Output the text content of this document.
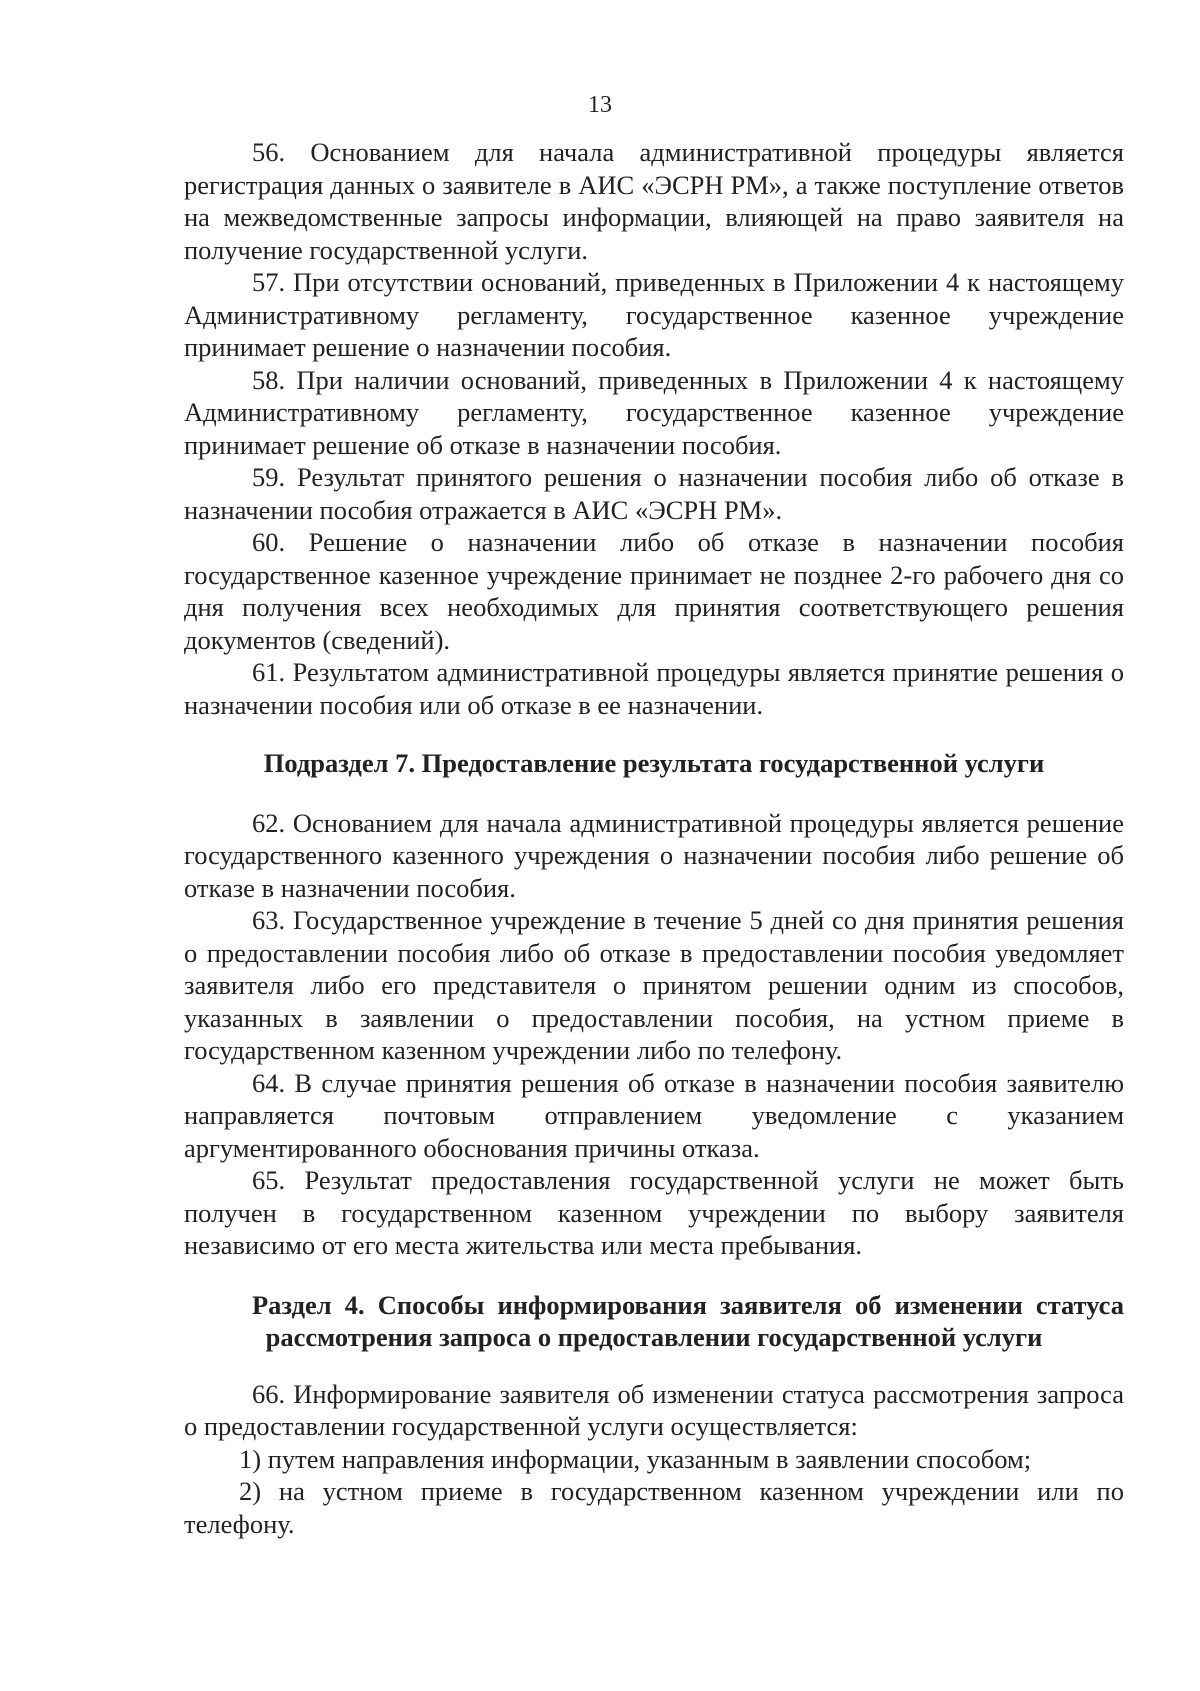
13

56. Основанием для начала административной процедуры является регистрация данных о заявителе в АИС «ЭСРН РМ», а также поступление ответов на межведомственные запросы информации, влияющей на право заявителя на получение государственной услуги.

57. При отсутствии оснований, приведенных в Приложении 4 к настоящему Административному регламенту, государственное казенное учреждение принимает решение о назначении пособия.

58. При наличии оснований, приведенных в Приложении 4 к настоящему Административному регламенту, государственное казенное учреждение принимает решение об отказе в назначении пособия.

59. Результат принятого решения о назначении пособия либо об отказе в назначении пособия отражается в АИС «ЭСРН РМ».

60. Решение о назначении либо об отказе в назначении пособия государственное казенное учреждение принимает не позднее 2-го рабочего дня со дня получения всех необходимых для принятия соответствующего решения документов (сведений).

61. Результатом административной процедуры является принятие решения о назначении пособия или об отказе в ее назначении.

Подраздел 7. Предоставление результата государственной услуги

62. Основанием для начала административной процедуры является решение государственного казенного учреждения о назначении пособия либо решение об отказе в назначении пособия.

63. Государственное учреждение в течение 5 дней со дня принятия решения о предоставлении пособия либо об отказе в предоставлении пособия уведомляет заявителя либо его представителя о принятом решении одним из способов, указанных в заявлении о предоставлении пособия, на устном приеме в государственном казенном учреждении либо по телефону.

64. В случае принятия решения об отказе в назначении пособия заявителю направляется почтовым отправлением уведомление с указанием аргументированного обоснования причины отказа.

65. Результат предоставления государственной услуги не может быть получен в государственном казенном учреждении по выбору заявителя независимо от его места жительства или места пребывания.

Раздел 4. Способы информирования заявителя об изменении статуса рассмотрения запроса о предоставлении государственной услуги

66. Информирование заявителя об изменении статуса рассмотрения запроса о предоставлении государственной услуги осуществляется:

1) путем направления информации, указанным в заявлении способом;

2) на устном приеме в государственном казенном учреждении или по телефону.
